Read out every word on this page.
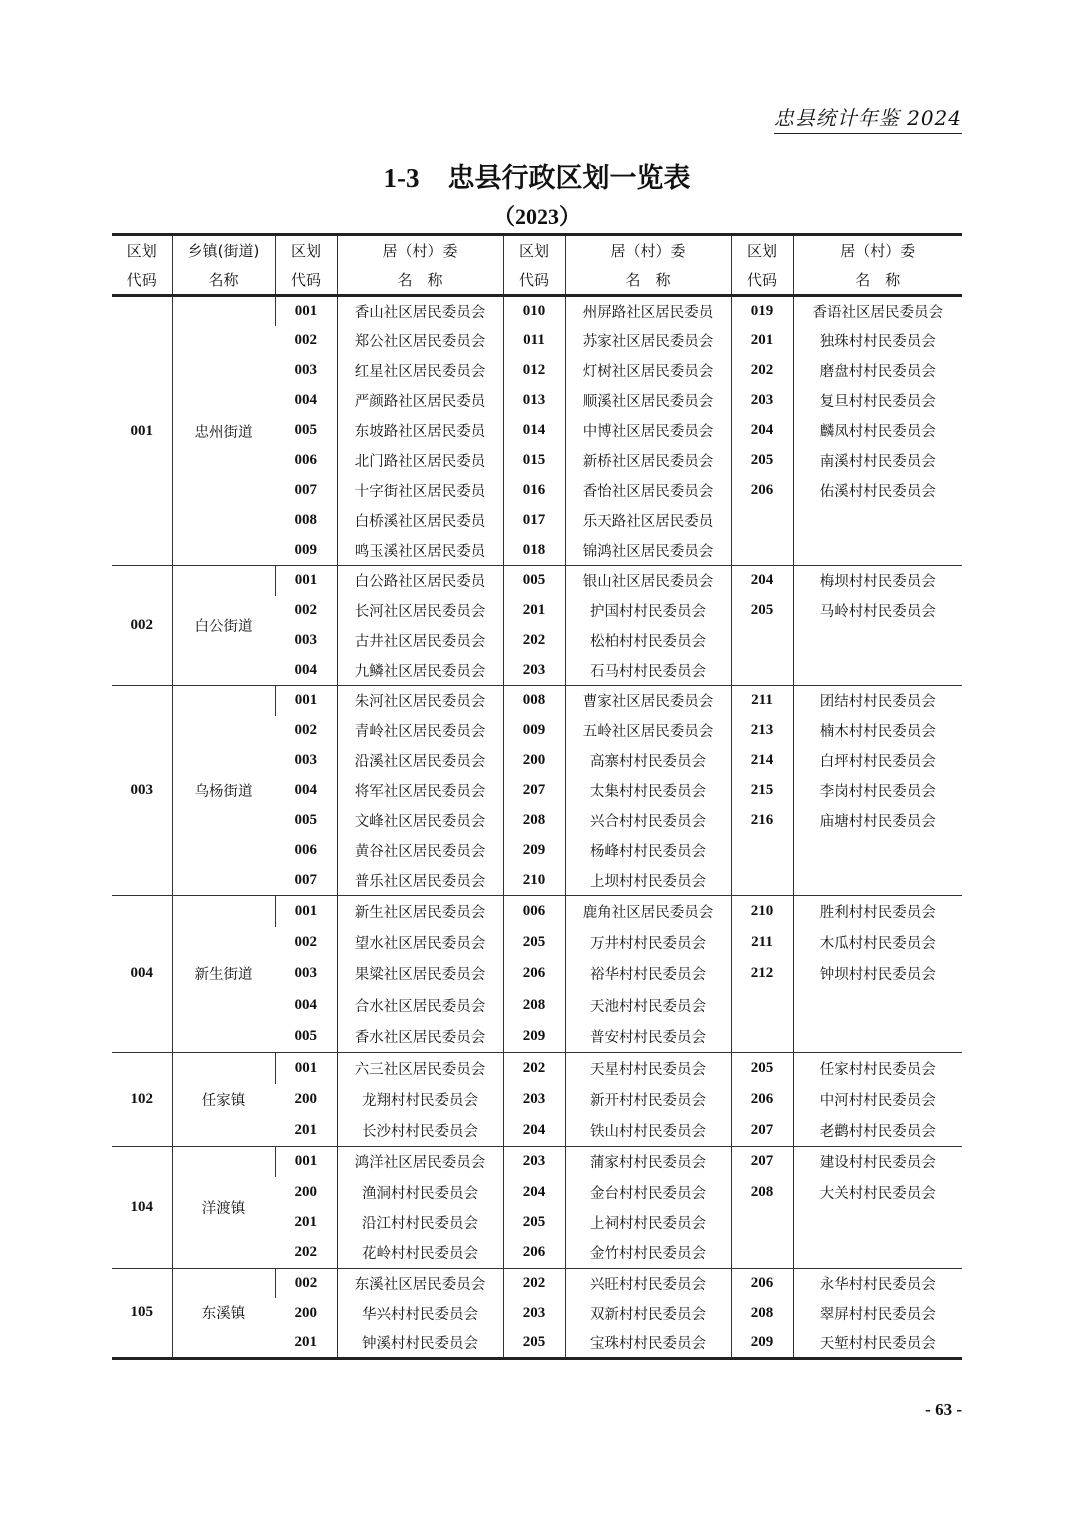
忠县统计年鉴 2024
1-3 忠县行政区划一览表
（2023）
区划	乡镇(街道)	区划	居（村）委	区划	居（村）委	区划	居（村）委
代码	名称	代码	名　称	代码	名　称	代码	名　称
001	忠州街道	001	香山社区居民委员会	010	州屏路社区居民委员	019	香语社区居民委员会
		002	郑公社区居民委员会	011	苏家社区居民委员会	201	独珠村村民委员会
		003	红星社区居民委员会	012	灯树社区居民委员会	202	磨盘村村民委员会
		004	严颜路社区居民委员	013	顺溪社区居民委员会	203	复旦村村民委员会
		005	东坡路社区居民委员	014	中博社区居民委员会	204	麟凤村村民委员会
		006	北门路社区居民委员	015	新桥社区居民委员会	205	南溪村村民委员会
		007	十字街社区居民委员	016	香怡社区居民委员会	206	佑溪村村民委员会
		008	白桥溪社区居民委员	017	乐天路社区居民委员		
		009	鸣玉溪社区居民委员	018	锦鸿社区居民委员会		
002	白公街道	001	白公路社区居民委员	005	银山社区居民委员会	204	梅坝村村民委员会
		002	长河社区居民委员会	201	护国村村民委员会	205	马岭村村民委员会
		003	古井社区居民委员会	202	松柏村村民委员会		
		004	九鳞社区居民委员会	203	石马村村民委员会		
003	乌杨街道	001	朱河社区居民委员会	008	曹家社区居民委员会	211	团结村村民委员会
		002	青岭社区居民委员会	009	五岭社区居民委员会	213	楠木村村民委员会
		003	沿溪社区居民委员会	200	高寨村村民委员会	214	白坪村村民委员会
		004	将军社区居民委员会	207	太集村村民委员会	215	李岗村村民委员会
		005	文峰社区居民委员会	208	兴合村村民委员会	216	庙塘村村民委员会
		006	黄谷社区居民委员会	209	杨峰村村民委员会		
		007	普乐社区居民委员会	210	上坝村村民委员会		
004	新生街道	001	新生社区居民委员会	006	鹿角社区居民委员会	210	胜利村村民委员会
		002	望水社区居民委员会	205	万井村村民委员会	211	木瓜村村民委员会
		003	果粱社区居民委员会	206	裕华村村民委员会	212	钟坝村村民委员会
		004	合水社区居民委员会	208	天池村村民委员会		
		005	香水社区居民委员会	209	普安村村民委员会		
102	任家镇	001	六三社区居民委员会	202	天星村村民委员会	205	任家村村民委员会
		200	龙翔村村民委员会	203	新开村村民委员会	206	中河村村民委员会
		201	长沙村村民委员会	204	铁山村村民委员会	207	老鹳村村民委员会
104	洋渡镇	001	鸿洋社区居民委员会	203	蒲家村村民委员会	207	建设村村民委员会
		200	渔洞村村民委员会	204	金台村村民委员会	208	大关村村民委员会
		201	沿江村村民委员会	205	上祠村村民委员会		
		202	花岭村村民委员会	206	金竹村村民委员会		
105	东溪镇	002	东溪社区居民委员会	202	兴旺村村民委员会	206	永华村村民委员会
		200	华兴村村民委员会	203	双新村村民委员会	208	翠屏村村民委员会
		201	钟溪村村民委员会	205	宝珠村村民委员会	209	天堑村村民委员会
- 63 -
